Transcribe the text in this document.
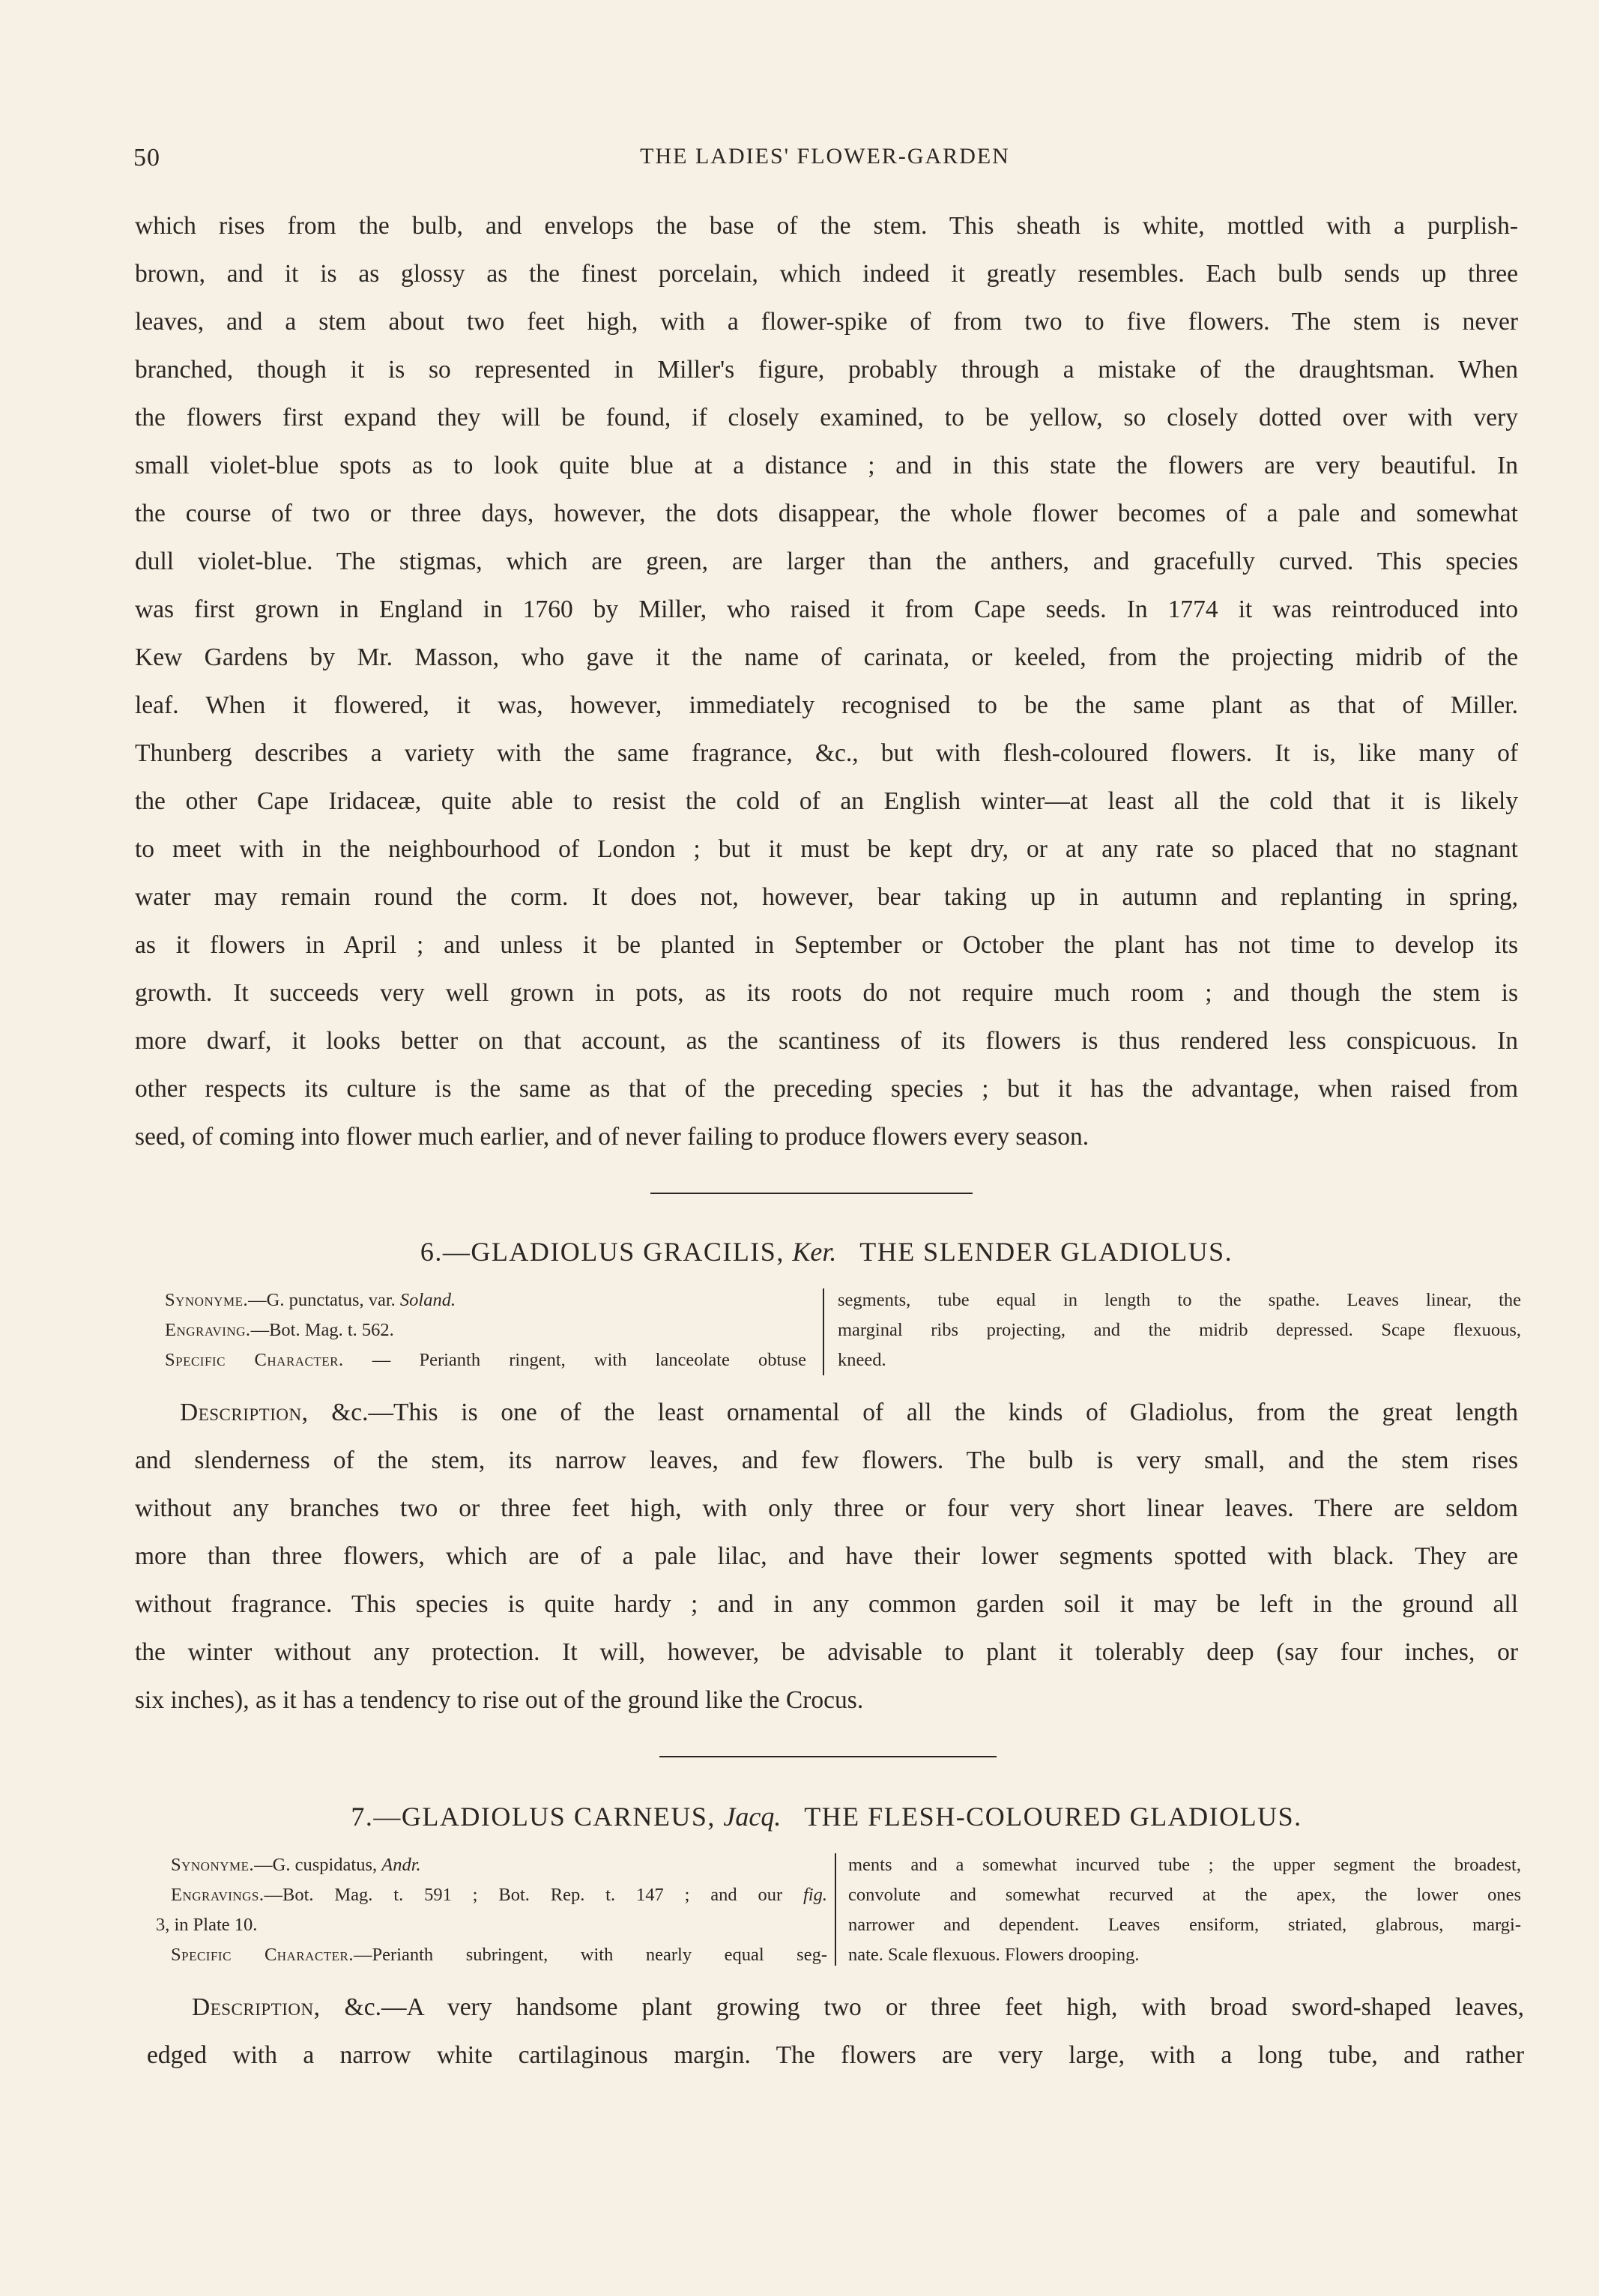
50	THE LADIES' FLOWER-GARDEN
which rises from the bulb, and envelops the base of the stem. This sheath is white, mottled with a purplish-
brown, and it is as glossy as the finest porcelain, which indeed it greatly resembles. Each bulb sends up three
leaves, and a stem about two feet high, with a flower-spike of from two to five flowers. The stem is never
branched, though it is so represented in Miller's figure, probably through a mistake of the draughtsman. When
the flowers first expand they will be found, if closely examined, to be yellow, so closely dotted over with very
small violet-blue spots as to look quite blue at a distance ; and in this state the flowers are very beautiful. In
the course of two or three days, however, the dots disappear, the whole flower becomes of a pale and somewhat
dull violet-blue. The stigmas, which are green, are larger than the anthers, and gracefully curved. This species
was first grown in England in 1760 by Miller, who raised it from Cape seeds. In 1774 it was reintroduced into
Kew Gardens by Mr. Masson, who gave it the name of carinata, or keeled, from the projecting midrib of the
leaf. When it flowered, it was, however, immediately recognised to be the same plant as that of Miller.
Thunberg describes a variety with the same fragrance, &c., but with flesh-coloured flowers. It is, like many of
the other Cape Iridaceæ, quite able to resist the cold of an English winter—at least all the cold that it is likely
to meet with in the neighbourhood of London ; but it must be kept dry, or at any rate so placed that no stagnant
water may remain round the corm. It does not, however, bear taking up in autumn and replanting in spring,
as it flowers in April ; and unless it be planted in September or October the plant has not time to develop its
growth. It succeeds very well grown in pots, as its roots do not require much room ; and though the stem is
more dwarf, it looks better on that account, as the scantiness of its flowers is thus rendered less conspicuous. In
other respects its culture is the same as that of the preceding species ; but it has the advantage, when raised from
seed, of coming into flower much earlier, and of never failing to produce flowers every season.
6.—GLADIOLUS GRACILIS, Ker. THE SLENDER GLADIOLUS.
Synonyme.—G. punctatus, var. Soland.
Engraving.—Bot. Mag. t. 562.
Specific Character. — Perianth ringent, with lanceolate obtuse
segments, tube equal in length to the spathe. Leaves linear, the
marginal ribs projecting, and the midrib depressed. Scape flexuous,
kneed.
Description, &c.—This is one of the least ornamental of all the kinds of Gladiolus, from the great length
and slenderness of the stem, its narrow leaves, and few flowers. The bulb is very small, and the stem rises
without any branches two or three feet high, with only three or four very short linear leaves. There are seldom
more than three flowers, which are of a pale lilac, and have their lower segments spotted with black. They are
without fragrance. This species is quite hardy ; and in any common garden soil it may be left in the ground all
the winter without any protection. It will, however, be advisable to plant it tolerably deep (say four inches, or
six inches), as it has a tendency to rise out of the ground like the Crocus.
7.—GLADIOLUS CARNEUS, Jacq. THE FLESH-COLOURED GLADIOLUS.
Synonyme.—G. cuspidatus, Andr.
Engravings.—Bot. Mag. t. 591 ; Bot. Rep. t. 147 ; and our fig.
3, in Plate 10.
Specific Character.—Perianth subringent, with nearly equal seg-
ments and a somewhat incurved tube ; the upper segment the broadest,
convolute and somewhat recurved at the apex, the lower ones
narrower and dependent. Leaves ensiform, striated, glabrous, margi-
nate. Scale flexuous. Flowers drooping.
Description, &c.—A very handsome plant growing two or three feet high, with broad sword-shaped leaves,
edged with a narrow white cartilaginous margin. The flowers are very large, with a long tube, and rather
